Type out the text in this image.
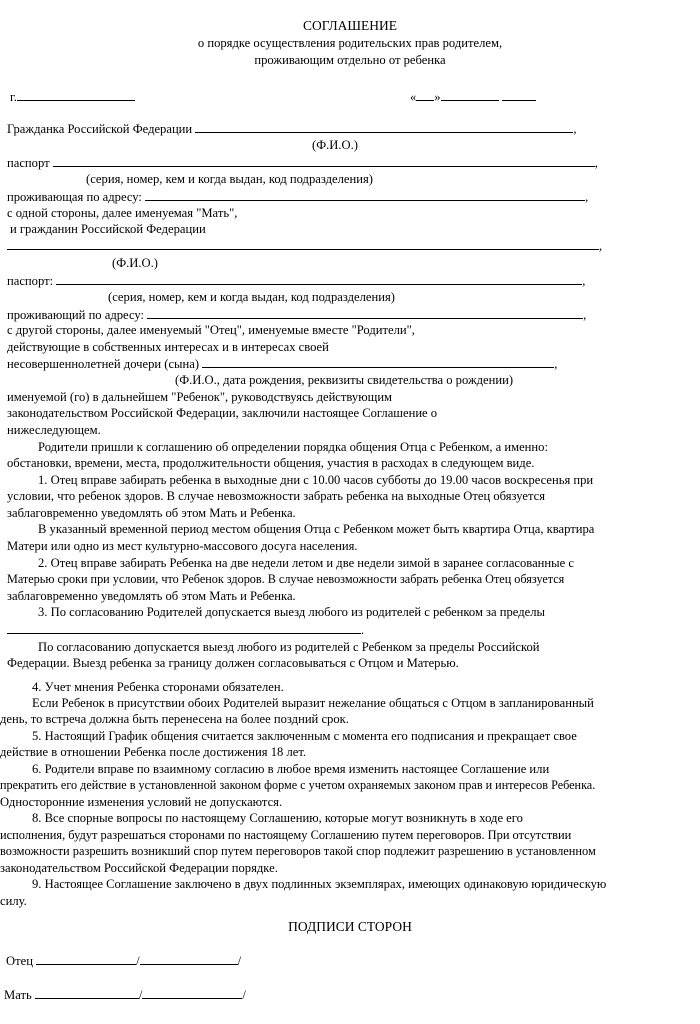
СОГЛАШЕНИЕ
о порядке осуществления родительских прав родителем,
проживающим отдельно от ребенка
г.	« »
Гражданка Российской Федерации	,
(Ф.И.О.)
паспорт	,
(серия, номер, кем и когда выдан, код подразделения)
проживающая по адресу:	,
с одной стороны, далее именуемая "Мать",
и гражданин Российской Федерации
,
(Ф.И.О.)
паспорт:	,
(серия, номер, кем и когда выдан, код подразделения)
проживающий по адресу:	,
с другой стороны, далее именуемый "Отец", именуемые вместе "Родители",
действующие в собственных интересах и в интересах своей
несовершеннолетней дочери (сына)	,
(Ф.И.О., дата рождения, реквизиты свидетельства о рождении)
именуемой (го) в дальнейшем "Ребенок", руководствуясь действующим
законодательством Российской Федерации, заключили настоящее Соглашение о
нижеследующем.
Родители пришли к соглашению об определении порядка общения Отца с Ребенком, а именно:
обстановки, времени, места, продолжительности общения, участия в расходах в следующем виде.
1. Отец вправе забирать ребенка в выходные дни с 10.00 часов субботы до 19.00 часов воскресенья при
условии, что ребенок здоров. В случае невозможности забрать ребенка на выходные Отец обязуется
заблаговременно уведомлять об этом Мать и Ребенка.
В указанный временной период местом общения Отца с Ребенком может быть квартира Отца, квартира
Матери или одно из мест культурно-массового досуга населения.
2. Отец вправе забирать Ребенка на две недели летом и две недели зимой в заранее согласованные с
Матерью сроки при условии, что Ребенок здоров. В случае невозможности забрать ребенка Отец обязуется
заблаговременно уведомлять об этом Мать и Ребенка.
3. По согласованию Родителей допускается выезд любого из родителей с ребенком за пределы
.
По согласованию допускается выезд любого из родителей с Ребенком за пределы Российской
Федерации. Выезд ребенка за границу должен согласовываться с Отцом и Матерью.
4. Учет мнения Ребенка сторонами обязателен.
Если Ребенок в присутствии обоих Родителей выразит нежелание общаться с Отцом в запланированный
день, то встреча должна быть перенесена на более поздний срок.
5. Настоящий График общения считается заключенным с момента его подписания и прекращает свое
действие в отношении Ребенка после достижения 18 лет.
6. Родители вправе по взаимному согласию в любое время изменить настоящее Соглашение или
прекратить его действие в установленной законом форме с учетом охраняемых законом прав и интересов Ребенка.
Односторонние изменения условий не допускаются.
8. Все спорные вопросы по настоящему Соглашению, которые могут возникнуть в ходе его
исполнения, будут разрешаться сторонами по настоящему Соглашению путем переговоров. При отсутствии
возможности разрешить возникший спор путем переговоров такой спор подлежит разрешению в установленном
законодательством Российской Федерации порядке.
9. Настоящее Соглашение заключено в двух подлинных экземплярах, имеющих одинаковую юридическую
силу.
ПОДПИСИ СТОРОН
Отец	/	/
Мать	/	/
